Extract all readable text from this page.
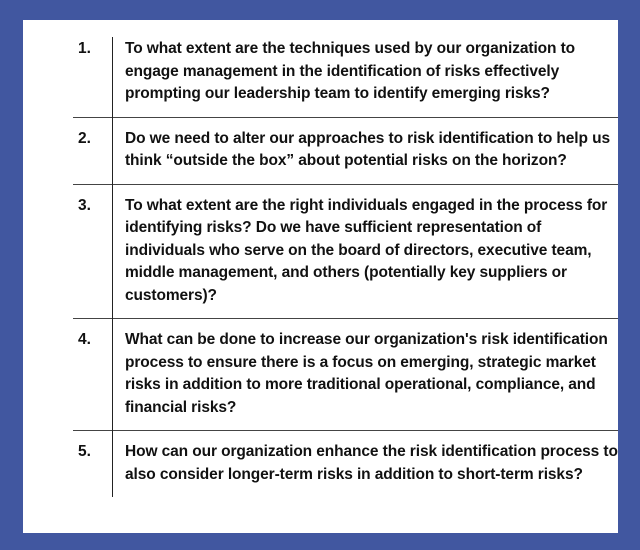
1.	To what extent are the techniques used by our organization to engage management in the identification of risks effectively prompting our leadership team to identify emerging risks?
2.	Do we need to alter our approaches to risk identification to help us think “outside the box” about potential risks on the horizon?
3.	To what extent are the right individuals engaged in the process for identifying risks? Do we have sufficient representation of individuals who serve on the board of directors, executive team, middle management, and others (potentially key suppliers or customers)?
4.	What can be done to increase our organization's risk identification process to ensure there is a focus on emerging, strategic market risks in addition to more traditional operational, compliance, and financial risks?
5.	How can our organization enhance the risk identification process to also consider longer-term risks in addition to short-term risks?
